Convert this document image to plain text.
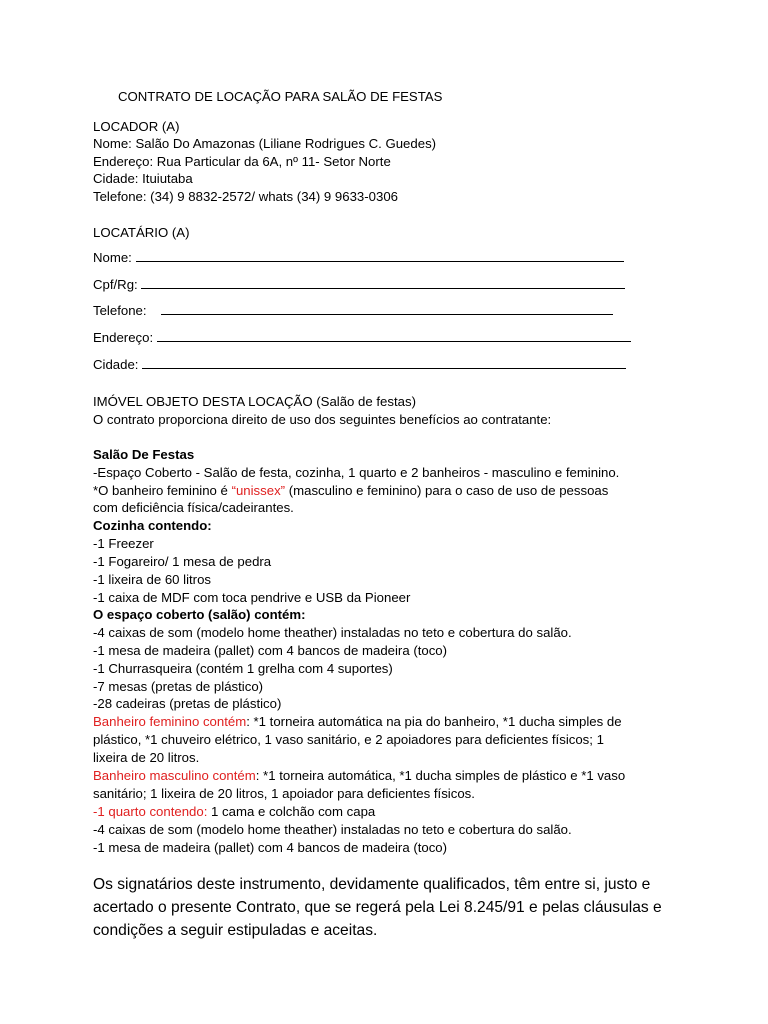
CONTRATO DE LOCAÇÃO PARA SALÃO DE FESTAS
LOCADOR (A)
Nome: Salão Do Amazonas (Liliane Rodrigues C. Guedes)
Endereço: Rua Particular da 6A, nº 11- Setor Norte
Cidade: Ituiutaba
Telefone: (34) 9 8832-2572/ whats (34) 9 9633-0306
LOCATÁRIO (A)
Nome:
Cpf/Rg:
Telefone:
Endereço:
Cidade:
IMÓVEL OBJETO DESTA LOCAÇÃO (Salão de festas)
O contrato proporciona direito de uso dos seguintes benefícios ao contratante:
Salão De Festas
-Espaço Coberto - Salão de festa, cozinha, 1 quarto e 2 banheiros - masculino e feminino.
*O banheiro feminino é “unissex” (masculino e feminino) para o caso de uso de pessoas
com deficiência física/cadeirantes.
Cozinha contendo:
-1 Freezer
-1 Fogareiro/ 1 mesa de pedra
-1 lixeira de 60 litros
-1 caixa de MDF com toca pendrive e USB da Pioneer
O espaço coberto (salão) contém:
-4 caixas de som (modelo home theather) instaladas no teto e cobertura do salão.
-1 mesa de madeira (pallet) com 4 bancos de madeira (toco)
-1 Churrasqueira (contém 1 grelha com 4 suportes)
-7 mesas (pretas de plástico)
-28 cadeiras (pretas de plástico)
Banheiro feminino contém: *1 torneira automática na pia do banheiro, *1 ducha simples de
plástico, *1 chuveiro elétrico, 1 vaso sanitário, e 2 apoiadores para deficientes físicos; 1
lixeira de 20 litros.
Banheiro masculino contém: *1 torneira automática, *1 ducha simples de plástico e *1 vaso
sanitário; 1 lixeira de 20 litros, 1 apoiador para deficientes físicos.
-1 quarto contendo: 1 cama e colchão com capa
-4 caixas de som (modelo home theather) instaladas no teto e cobertura do salão.
-1 mesa de madeira (pallet) com 4 bancos de madeira (toco)
Os signatários deste instrumento, devidamente qualificados, têm entre si, justo e acertado o presente Contrato, que se regerá pela Lei 8.245/91 e pelas cláusulas e condições a seguir estipuladas e aceitas.
